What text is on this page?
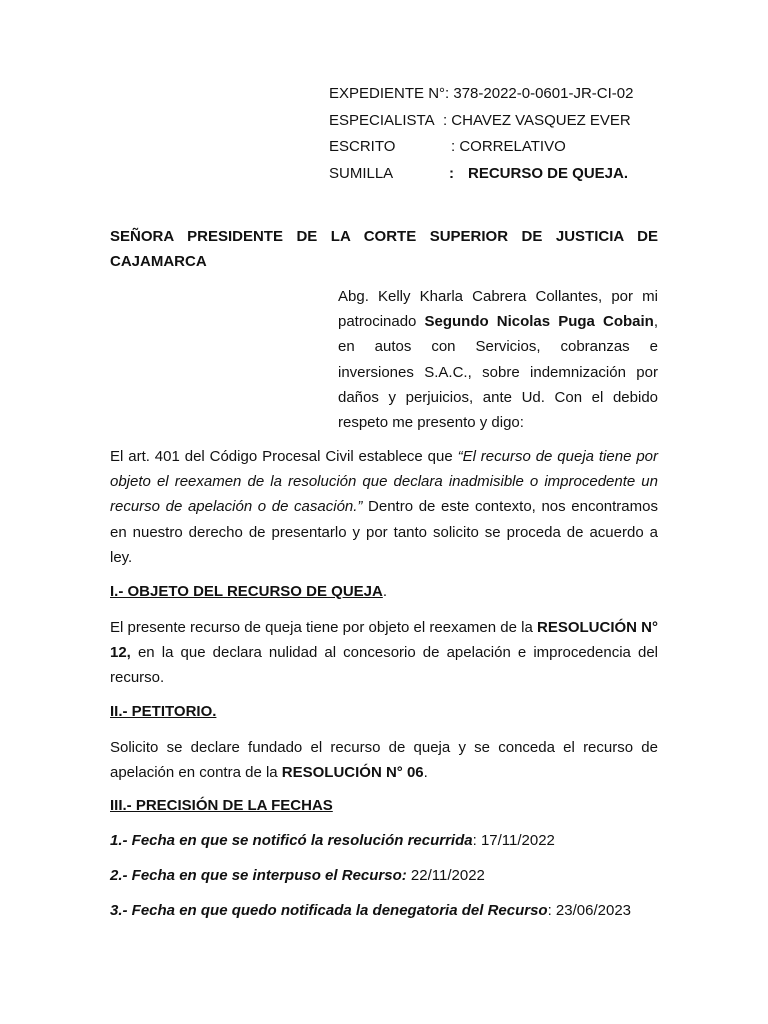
EXPEDIENTE N°: 378-2022-0-0601-JR-CI-02
ESPECIALISTA : CHAVEZ VASQUEZ EVER
ESCRITO	: CORRELATIVO
SUMILLA	: RECURSO DE QUEJA.
SEÑORA PRESIDENTE DE LA CORTE SUPERIOR DE JUSTICIA DE CAJAMARCA
Abg. Kelly Kharla Cabrera Collantes, por mi patrocinado Segundo Nicolas Puga Cobain, en autos con Servicios, cobranzas e inversiones S.A.C., sobre indemnización por daños y perjuicios, ante Ud. Con el debido respeto me presento y digo:
El art. 401 del Código Procesal Civil establece que “El recurso de queja tiene por objeto el reexamen de la resolución que declara inadmisible o improcedente un recurso de apelación o de casación.” Dentro de este contexto, nos encontramos en nuestro derecho de presentarlo y por tanto solicito se proceda de acuerdo a ley.
I.- OBJETO DEL RECURSO DE QUEJA.
El presente recurso de queja tiene por objeto el reexamen de la RESOLUCIÓN N° 12, en la que declara nulidad al concesorio de apelación e improcedencia del recurso.
II.- PETITORIO.
Solicito se declare fundado el recurso de queja y se conceda el recurso de apelación en contra de la RESOLUCIÓN N° 06.
III.- PRECISIÓN DE LA FECHAS
1.- Fecha en que se notificó la resolución recurrida: 17/11/2022
2.- Fecha en que se interpuso el Recurso: 22/11/2022
3.- Fecha en que quedo notificada la denegatoria del Recurso: 23/06/2023
